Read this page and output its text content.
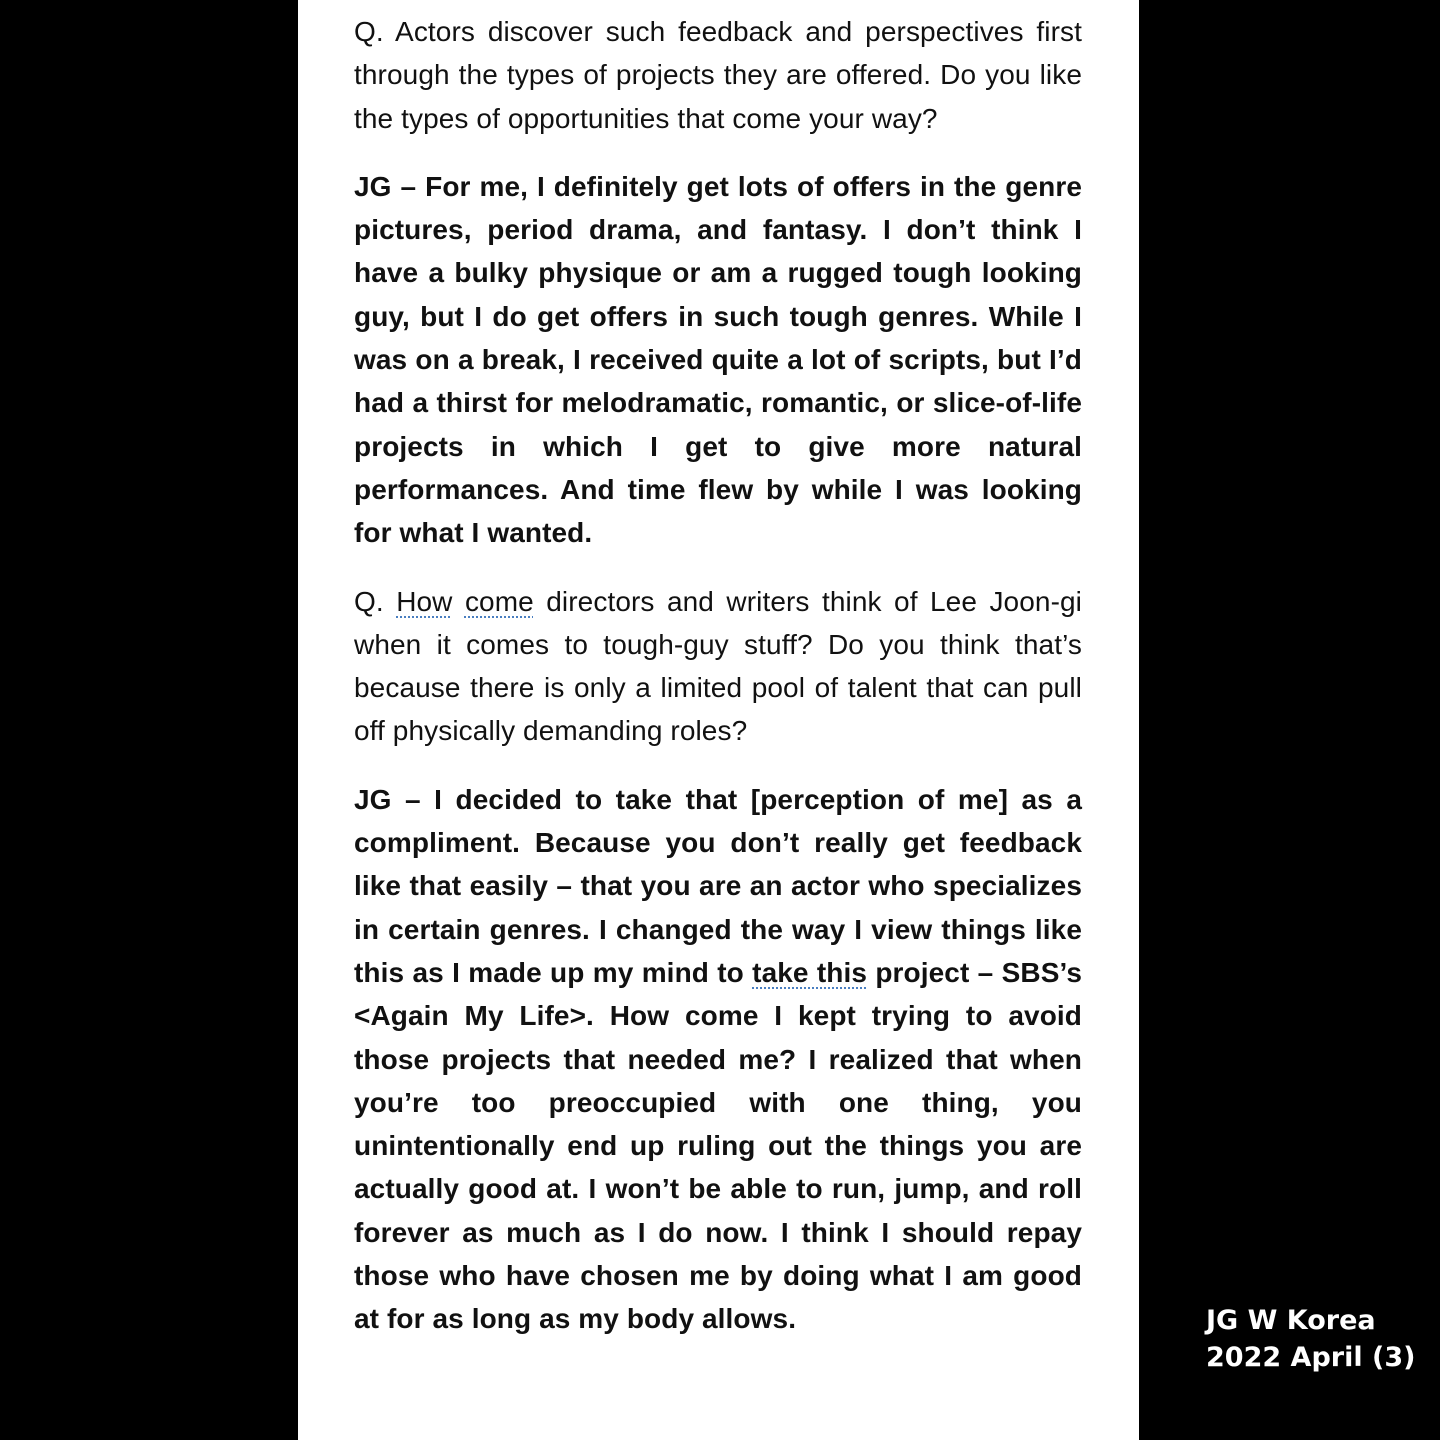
Q. Actors discover such feedback and perspectives first through the types of projects they are offered. Do you like the types of opportunities that come your way?

JG – For me, I definitely get lots of offers in the genre pictures, period drama, and fantasy. I don’t think I have a bulky physique or am a rugged tough looking guy, but I do get offers in such tough genres. While I was on a break, I received quite a lot of scripts, but I’d had a thirst for melodramatic, romantic, or slice-of-life projects in which I get to give more natural performances. And time flew by while I was looking for what I wanted.

Q. How come directors and writers think of Lee Joon-gi when it comes to tough-guy stuff? Do you think that’s because there is only a limited pool of talent that can pull off physically demanding roles?

JG – I decided to take that [perception of me] as a compliment. Because you don’t really get feedback like that easily – that you are an actor who specializes in certain genres. I changed the way I view things like this as I made up my mind to take this project – SBS’s <Again My Life>. How come I kept trying to avoid those projects that needed me? I realized that when you’re too preoccupied with one thing, you unintentionally end up ruling out the things you are actually good at. I won’t be able to run, jump, and roll forever as much as I do now. I think I should repay those who have chosen me by doing what I am good at for as long as my body allows.	JG W Korea
2022 April (3)
